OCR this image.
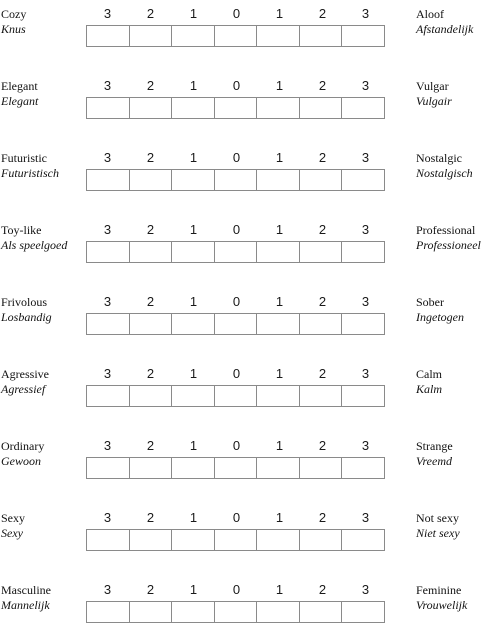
Cozy
Knus
3	2	1	0	1	2	3	Aloof
Afstandelijk
Elegant
Elegant
3	2	1	0	1	2	3	Vulgar
Vulgair
Futuristic
Futuristisch
3	2	1	0	1	2	3	Nostalgic
Nostalgisch
Toy-like
Als speelgoed
3	2	1	0	1	2	3	Professional
Professioneel
Frivolous
Losbandig
3	2	1	0	1	2	3	Sober
Ingetogen
Agressive
Agressief
3	2	1	0	1	2	3	Calm
Kalm
Ordinary
Gewoon
3	2	1	0	1	2	3	Strange
Vreemd
Sexy
Sexy
3	2	1	0	1	2	3	Not sexy
Niet sexy
Masculine
Mannelijk
3	2	1	0	1	2	3	Feminine
Vrouwelijk
